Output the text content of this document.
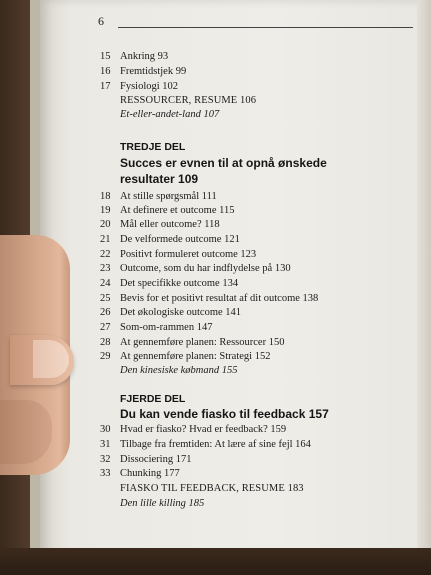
6
15 Ankring 93
16 Fremtidstjek 99
17 Fysiologi 102
RESSOURCER, RESUME 106
Et-eller-andet-land 107
TREDJE DEL
Succes er evnen til at opnå ønskede
resultater 109
18 At stille spørgsmål 111
19 At definere et outcome 115
20 Mål eller outcome? 118
21 De velformede outcome 121
22 Positivt formuleret outcome 123
23 Outcome, som du har indflydelse på 130
24 Det specifikke outcome 134
25 Bevis for et positivt resultat af dit outcome 138
26 Det økologiske outcome 141
27 Som-om-rammen 147
28 At gennemføre planen: Ressourcer 150
29 At gennemføre planen: Strategi 152
Den kinesiske købmand 155
FJERDE DEL
Du kan vende fiasko til feedback 157
30 Hvad er fiasko? Hvad er feedback? 159
31 Tilbage fra fremtiden: At lære af sine fejl 164
32 Dissociering 171
33 Chunking 177
FIASKO TIL FEEDBACK, RESUME 183
Den lille killing 185
